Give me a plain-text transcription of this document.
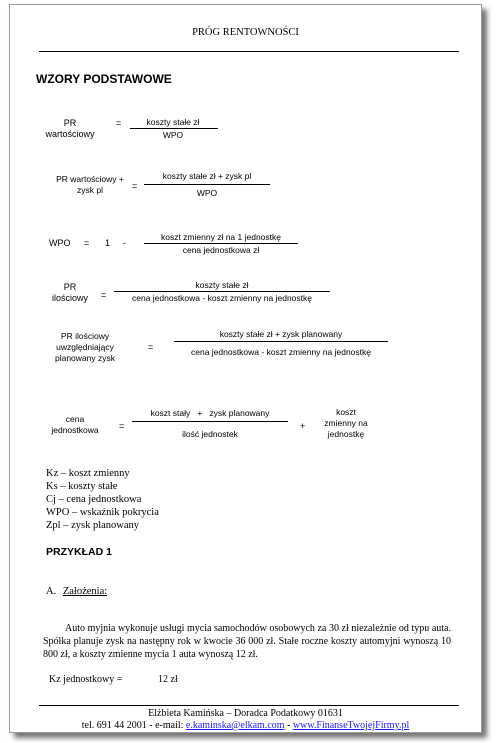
PRÓG RENTOWNOŚCI
WZORY PODSTAWOWE
PR
wartościowy
=	koszty stałe zł
WPO
PR wartościowy +
zysk pl	=
koszty stałe zł + zysk pl
WPO
WPO = 1 -
koszt zmienny zł na 1 jednostkę
cena jednostkowa zł
PR
ilościowy	=
koszty stałe zł
cena jednostkowa - koszt zmienny na jednostkę
PR ilościowy
uwzględniający
planowany zysk
=
koszty stałe zł + zysk planowany
cena jednostkowa - koszt zmienny na jednostkę
cena
jednostkowa	=
koszt stały   +   zysk planowany
ilość jednostek
+
koszt
zmienny na
jednostkę
Kz – koszt zmienny
Ks – koszty stałe
Cj – cena jednostkowa
WPO – wskaźnik pokrycia
Zpl – zysk planowany
PRZYKŁAD 1
A. Założenia:
Auto myjnia wykonuje usługi mycia samochodów osobowych za 30 zł niezależnie od typu auta. Spółka planuje zysk na następny rok w kwocie 36 000 zł. Stałe roczne koszty automyjni wynoszą 10 800 zł, a koszty zmienne mycia 1 auta wynoszą 12 zł.
Kz jednostkowy =	12 zł
Elżbieta Kamińska – Doradca Podatkowy 01631
tel. 691 44 2001 - e-mail: e.kaminska@elkam.com - www.FinanseTwojejFirmy.pl
